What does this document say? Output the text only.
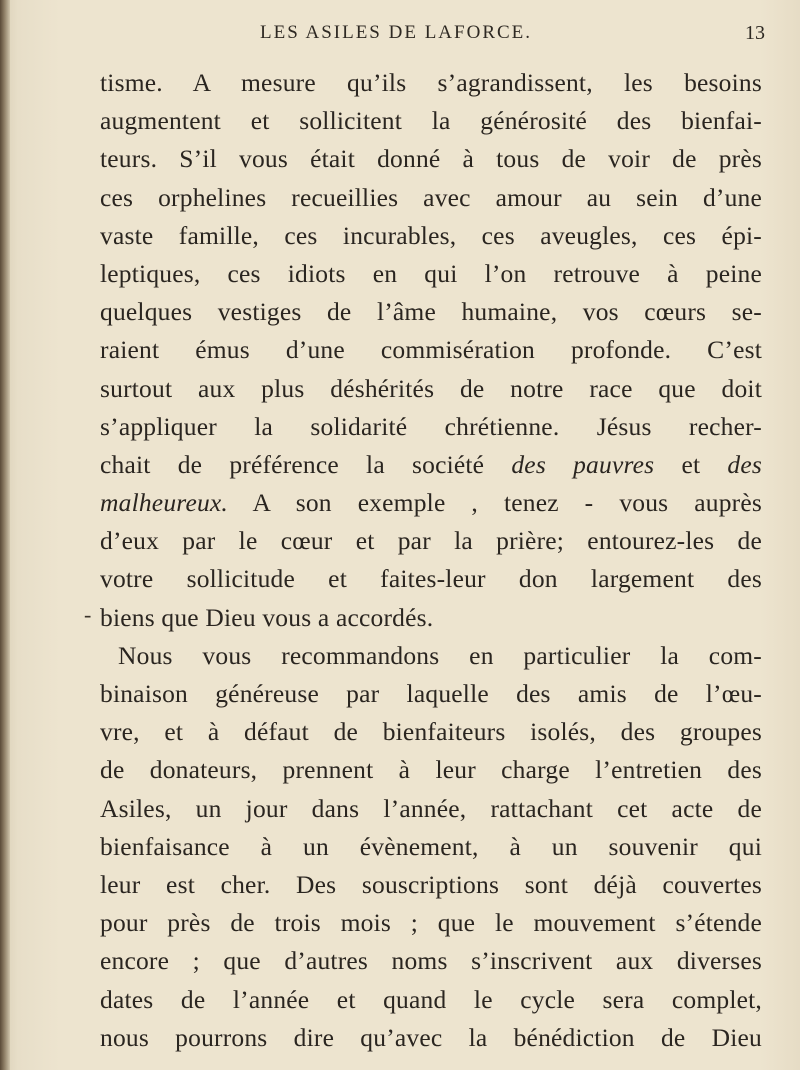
LES ASILES DE LAFORCE.	13
-
tisme. A mesure qu’ils s’agrandissent, les besoins
augmentent et sollicitent la générosité des bienfai-
teurs. S’il vous était donné à tous de voir de près
ces orphelines recueillies avec amour au sein d’une
vaste famille, ces incurables, ces aveugles, ces épi-
leptiques, ces idiots en qui l’on retrouve à peine
quelques vestiges de l’âme humaine, vos cœurs se-
raient émus d’une commisération profonde. C’est
surtout aux plus déshérités de notre race que doit
s’appliquer la solidarité chrétienne. Jésus recher-
chait de préférence la société des pauvres et des
malheureux. A son exemple , tenez - vous auprès
d’eux par le cœur et par la prière; entourez-les de
votre sollicitude et faites-leur don largement des
biens que Dieu vous a accordés.
Nous vous recommandons en particulier la com-
binaison généreuse par laquelle des amis de l’œu-
vre, et à défaut de bienfaiteurs isolés, des groupes
de donateurs, prennent à leur charge l’entretien des
Asiles, un jour dans l’année, rattachant cet acte de
bienfaisance à un évènement, à un souvenir qui
leur est cher. Des souscriptions sont déjà couvertes
pour près de trois mois ; que le mouvement s’étende
encore ; que d’autres noms s’inscrivent aux diverses
dates de l’année et quand le cycle sera complet,
nous pourrons dire qu’avec la bénédiction de Dieu
